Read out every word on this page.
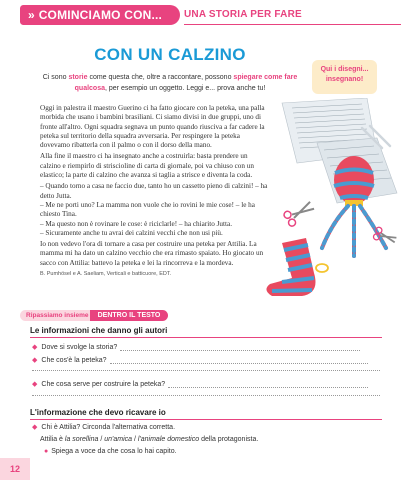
» COMINCIAMO CON... UNA STORIA PER FARE
CON UN CALZINO
Ci sono storie come questa che, oltre a raccontare, possono spiegare come fare qualcosa, per esempio un oggetto. Leggi e... prova anche tu!
Qui i disegni... insegnano!

Oggi in palestra il maestro Guerino ci ha fatto giocare con la peteka, una palla morbida che usano i bambini brasiliani. Ci siamo divisi in due gruppi, uno di fronte all'altro. Ogni squadra segnava un punto quando riusciva a far cadere la peteka sul territorio della squadra avversaria. Per respingere la peteka dovevamo ribatterla con il palmo o con il dorso della mano.

Alla fine il maestro ci ha insegnato anche a costruirla: basta prendere un calzino e riempirlo di striscioline di carta di giornale, poi va chiuso con un elastico; la parte di calzino che avanza si taglia a strisce e diventa la coda.

– Quando torno a casa ne faccio due, tanto ho un cassetto pieno di calzini! – ha detto Jutta.

– Me ne porti uno? La mamma non vuole che io rovini le mie cose! – le ha chiesto Tina.

– Ma questo non è rovinare le cose: è riciclarle! – ha chiarito Jutta.

– Sicuramente anche tu avrai dei calzini vecchi che non usi più.

Io non vedevo l'ora di tornare a casa per costruire una peteka per Attilia. La mamma mi ha dato un calzino vecchio che era rimasto spaiato. Ho giocato un sacco con Attilia: battevo la peteka e lei la rincorreva e la mordeva.

B. Pumhösel e A. Saeliam, Verticali e batticuore, EDT.
Ripassiamo insieme	DENTRO IL TESTO
Le informazioni che danno gli autori
◆ Dove si svolge la storia?
◆ Che cos'è la peteka?
◆ Che cosa serve per costruire la peteka?
L'informazione che devo ricavare io
◆ Chi è Attilia? Circonda l'alternativa corretta.
Attilia è la sorellina / un'amica / l'animale domestico della protagonista.
● Spiega a voce da che cosa lo hai capito.
12
